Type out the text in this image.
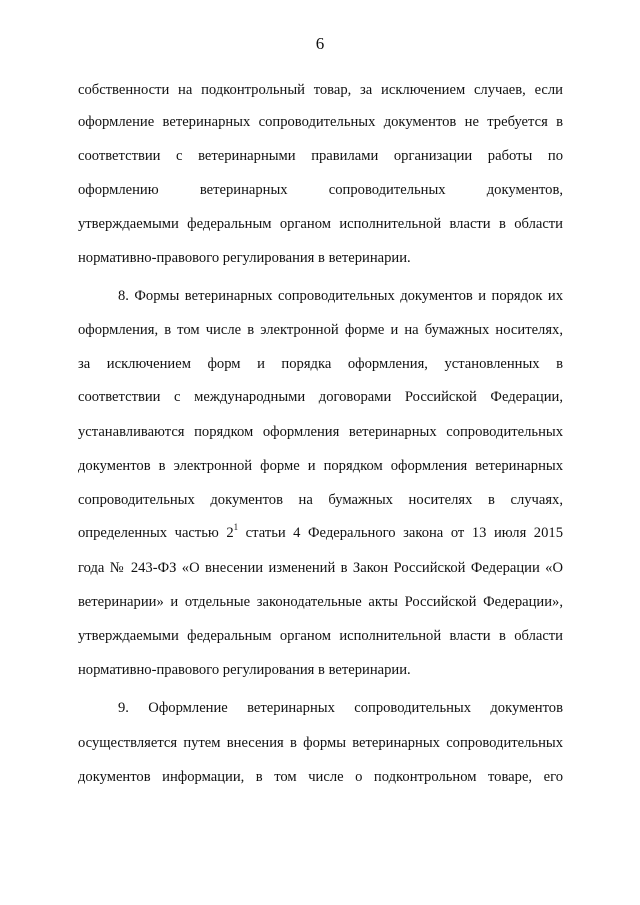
6
собственности на подконтрольный товар, за исключением случаев, если
оформление ветеринарных сопроводительных документов не требуется в
соответствии с ветеринарными правилами организации работы по
оформлению ветеринарных сопроводительных документов,
утверждаемыми федеральным органом исполнительной власти в области
нормативно-правового регулирования в ветеринарии.
8. Формы ветеринарных сопроводительных документов и порядок их
оформления, в том числе в электронной форме и на бумажных носителях,
за исключением форм и порядка оформления, установленных в
соответствии с международными договорами Российской Федерации,
устанавливаются порядком оформления ветеринарных сопроводительных
документов в электронной форме и порядком оформления ветеринарных
сопроводительных документов на бумажных носителях в случаях,
определенных частью $2^1$ статьи 4 Федерального закона от 13 июля 2015
года № 243-ФЗ «О внесении изменений в Закон Российской Федерации «О
ветеринарии» и отдельные законодательные акты Российской Федерации»,
утверждаемыми федеральным органом исполнительной власти в области
нормативно-правового регулирования в ветеринарии.
9. Оформление ветеринарных сопроводительных документов
осуществляется путем внесения в формы ветеринарных сопроводительных
документов информации, в том числе о подконтрольном товаре, его
